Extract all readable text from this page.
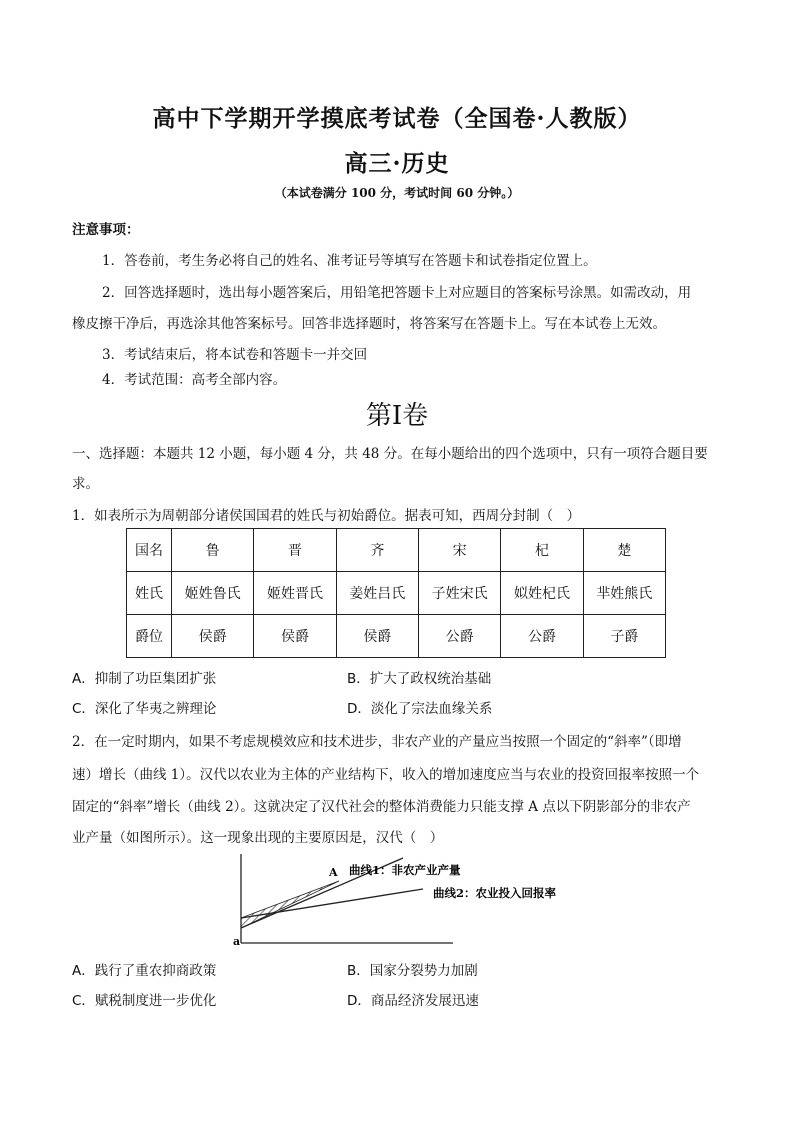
高中下学期开学摸底考试卷（全国卷·人教版）
高三·历史
（本试卷满分 100 分，考试时间 60 分钟。）
注意事项：
1．答卷前，考生务必将自己的姓名、准考证号等填写在答题卡和试卷指定位置上。
2．回答选择题时，选出每小题答案后，用铅笔把答题卡上对应题目的答案标号涂黑。如需改动，用
橡皮擦干净后，再选涂其他答案标号。回答非选择题时，将答案写在答题卡上。写在本试卷上无效。
3．考试结束后，将本试卷和答题卡一并交回
4．考试范围：高考全部内容。
第Ⅰ卷
一、选择题：本题共 12 小题，每小题 4 分，共 48 分。在每小题给出的四个选项中，只有一项符合题目要
求。
1．如表所示为周朝部分诸侯国国君的姓氏与初始爵位。据表可知，西周分封制（　）
国名	鲁	晋	齐	宋	杞	楚
姓氏	姬姓鲁氏	姬姓晋氏	姜姓吕氏	子姓宋氏	姒姓杞氏	芈姓熊氏
爵位	侯爵	侯爵	侯爵	公爵	公爵	子爵
A．抑制了功臣集团扩张	B．扩大了政权统治基础
C．深化了华夷之辨理论	D．淡化了宗法血缘关系
2．在一定时期内，如果不考虑规模效应和技术进步，非农产业的产量应当按照一个固定的“斜率”（即增
速）增长（曲线 1）。汉代以农业为主体的产业结构下，收入的增加速度应当与农业的投资回报率按照一个
固定的“斜率”增长（曲线 2）。这就决定了汉代社会的整体消费能力只能支撑 A 点以下阴影部分的非农产
业产量（如图所示）。这一现象出现的主要原因是，汉代（　）
A
a
曲线1：非农产业产量
曲线2：农业投入回报率
A．践行了重农抑商政策	B．国家分裂势力加剧
C．赋税制度进一步优化	D．商品经济发展迅速
